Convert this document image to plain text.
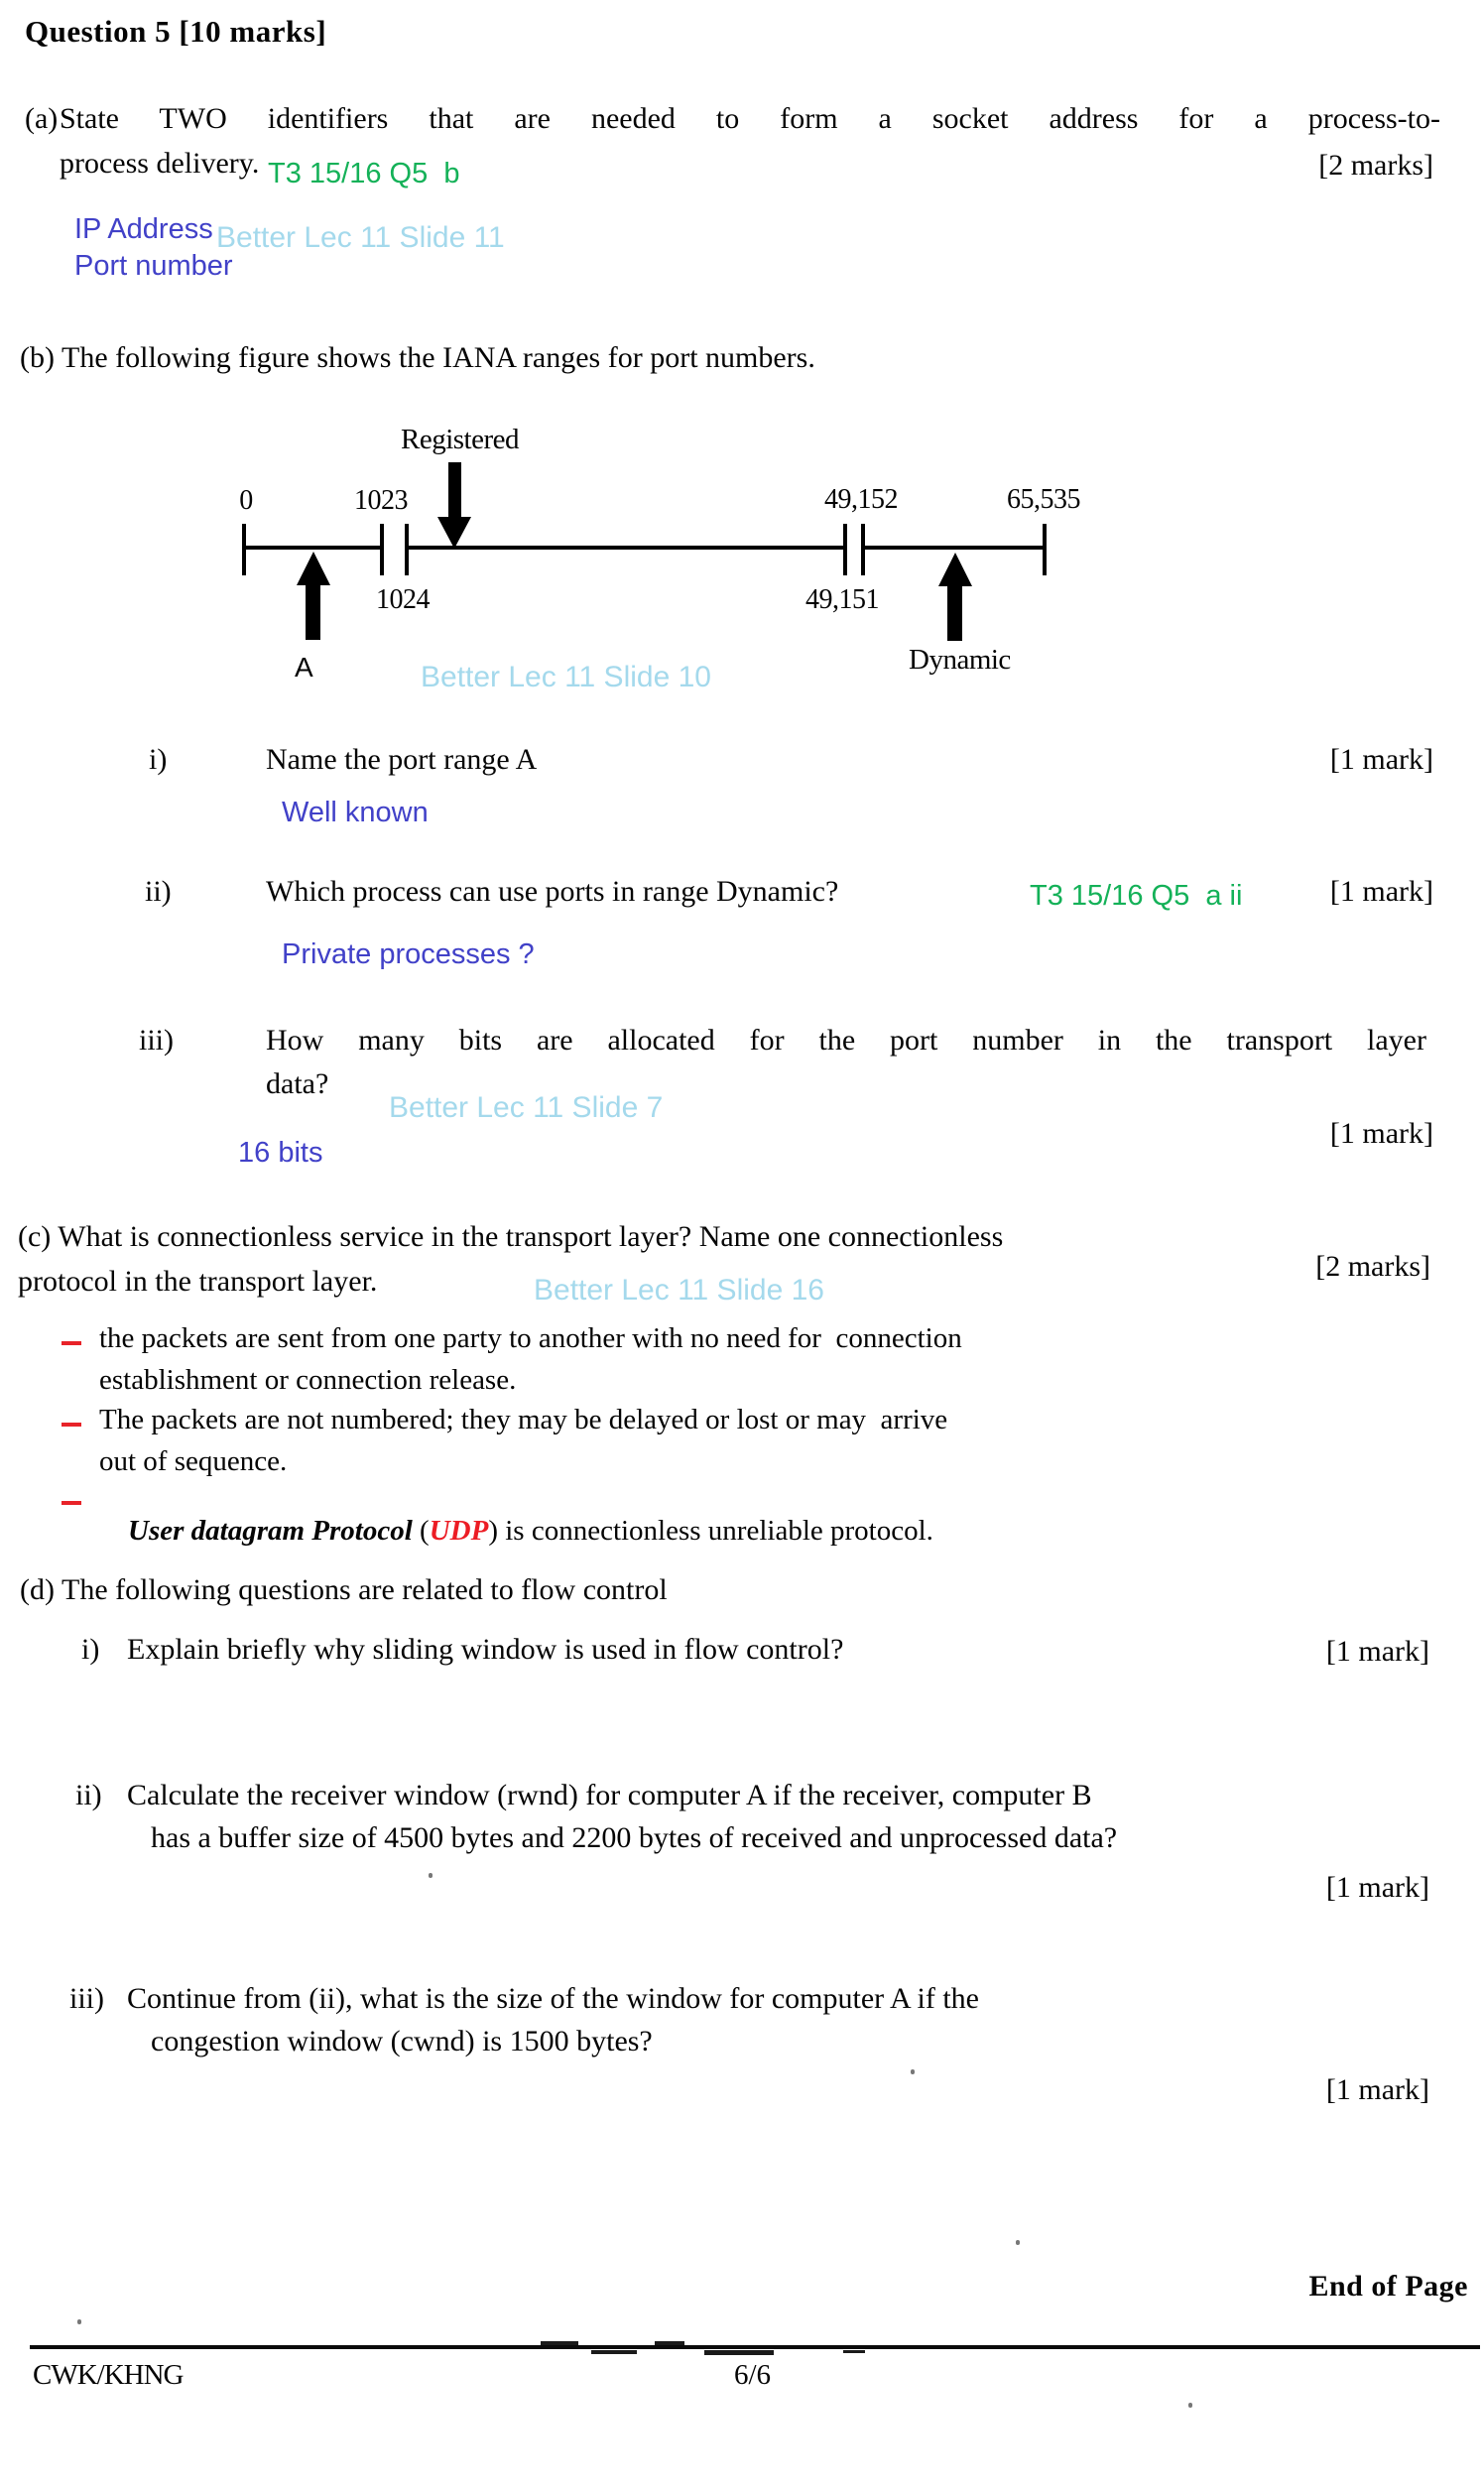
Question 5 [10 marks]
(a) State TWO identifiers that are needed to form a socket address for a process-to-
process delivery. T3 15/16 Q5  b	[2 marks]
IP Address Better Lec 11 Slide 11
Port number
(b) The following figure shows the IANA ranges for port numbers.
Registered
0	1023	49,152	65,535
1024	49,151
A	Dynamic
Better Lec 11 Slide 10
i)	Name the port range A	[1 mark]
Well known
ii)	Which process can use ports in range Dynamic?	T3 15/16 Q5  a ii	[1 mark]
Private processes ?
iii)	How many bits are allocated for the port number in the transport layer
data?
Better Lec 11 Slide 7
[1 mark]
16 bits
(c) What is connectionless service in the transport layer? Name one connectionless
protocol in the transport layer.	Better Lec 11 Slide 16
[2 marks]
the packets are sent from one party to another with no need for  connection
establishment or connection release.
The packets are not numbered; they may be delayed or lost or may  arrive
out of sequence.

User datagram Protocol (UDP) is connectionless unreliable protocol.

(d) The following questions are related to flow control
i) Explain briefly why sliding window is used in flow control?	[1 mark]
ii) Calculate the receiver window (rwnd) for computer A if the receiver, computer B
has a buffer size of 4500 bytes and 2200 bytes of received and unprocessed data?
[1 mark]
iii) Continue from (ii), what is the size of the window for computer A if the
congestion window (cwnd) is 1500 bytes?
[1 mark]
End of Page
CWK/KHNG	6/6
